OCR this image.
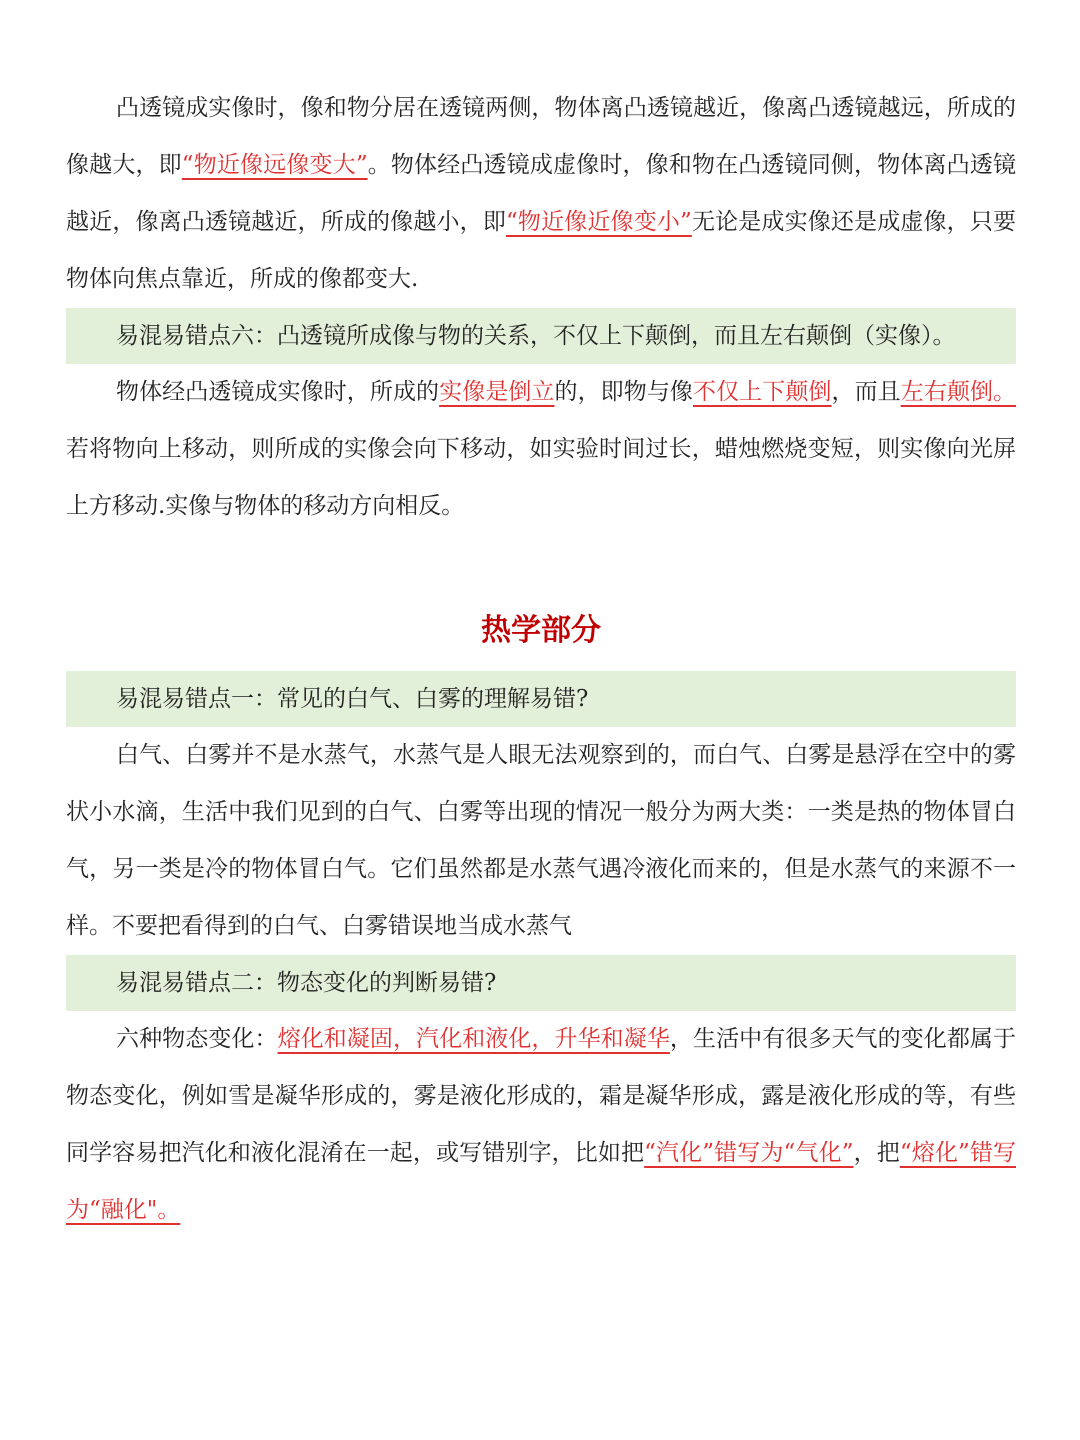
凸透镜成实像时，像和物分居在透镜两侧，物体离凸透镜越近，像离凸透镜越远，所成的像越大，即“物近像远像变大”。物体经凸透镜成虚像时，像和物在凸透镜同侧，物体离凸透镜越近，像离凸透镜越近，所成的像越小，即“物近像近像变小”无论是成实像还是成虚像，只要物体向焦点靠近，所成的像都变大.

易混易错点六：凸透镜所成像与物的关系，不仅上下颠倒，而且左右颠倒（实像）。

物体经凸透镜成实像时，所成的实像是倒立的，即物与像不仅上下颠倒，而且左右颠倒。若将物向上移动，则所成的实像会向下移动，如实验时间过长，蜡烛燃烧变短，则实像向光屏上方移动.实像与物体的移动方向相反。

热学部分
易混易错点一：常见的白气、白雾的理解易错?

白气、白雾并不是水蒸气，水蒸气是人眼无法观察到的，而白气、白雾是悬浮在空中的雾状小水滴，生活中我们见到的白气、白雾等出现的情况一般分为两大类：一类是热的物体冒白气，另一类是冷的物体冒白气。它们虽然都是水蒸气遇冷液化而来的，但是水蒸气的来源不一样。不要把看得到的白气、白雾错误地当成水蒸气

易混易错点二：物态变化的判断易错?

六种物态变化：熔化和凝固，汽化和液化，升华和凝华，生活中有很多天气的变化都属于物态变化，例如雪是凝华形成的，雾是液化形成的，霜是凝华形成，露是液化形成的等，有些同学容易把汽化和液化混淆在一起，或写错别字，比如把“汽化”错写为“气化”，把“熔化”错写为“融化"。
